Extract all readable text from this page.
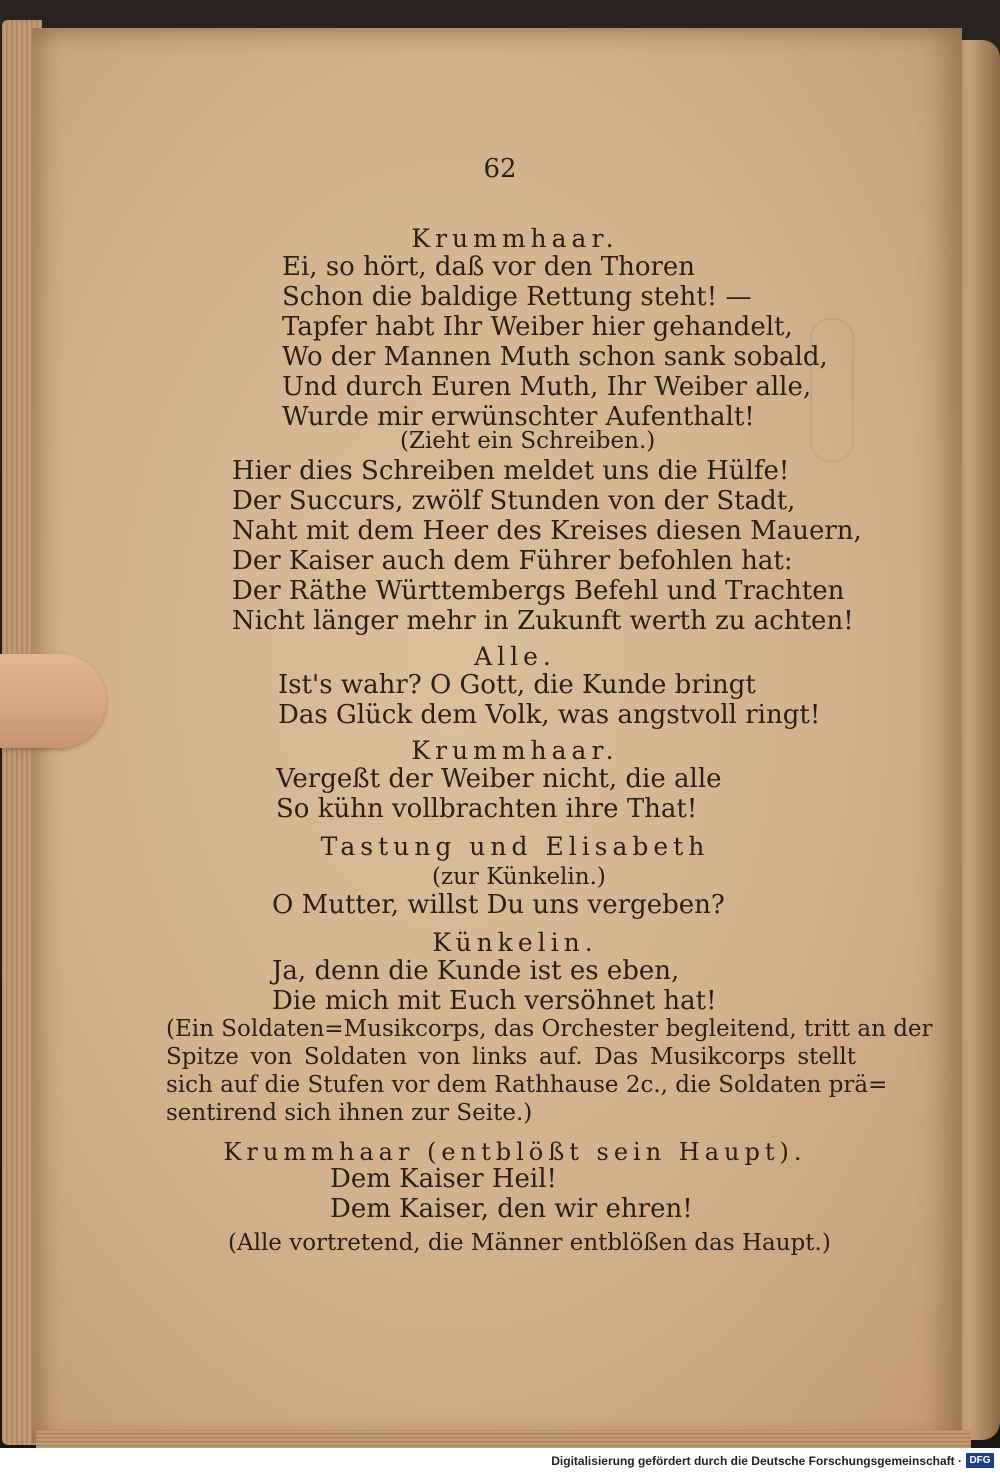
62
Krummhaar.
Ei, so hört, daß vor den Thoren
Schon die baldige Rettung steht! —
Tapfer habt Ihr Weiber hier gehandelt,
Wo der Mannen Muth schon sank sobald,
Und durch Euren Muth, Ihr Weiber alle,
Wurde mir erwünschter Aufenthalt!
(Zieht ein Schreiben.)
Hier dies Schreiben meldet uns die Hülfe!
Der Succurs, zwölf Stunden von der Stadt,
Naht mit dem Heer des Kreises diesen Mauern,
Der Kaiser auch dem Führer befohlen hat:
Der Räthe Württembergs Befehl und Trachten
Nicht länger mehr in Zukunft werth zu achten!
Alle.
Ist's wahr? O Gott, die Kunde bringt
Das Glück dem Volk, was angstvoll ringt!
Krummhaar.
Vergeßt der Weiber nicht, die alle
So kühn vollbrachten ihre That!
Tastung und Elisabeth
(zur Künkelin.)
O Mutter, willst Du uns vergeben?
Künkelin.
Ja, denn die Kunde ist es eben,
Die mich mit Euch versöhnet hat!
(Ein Soldaten=Musikcorps, das Orchester begleitend, tritt an der
Spitze von Soldaten von links auf. Das Musikcorps stellt
sich auf die Stufen vor dem Rathhause 2c., die Soldaten prä=
sentirend sich ihnen zur Seite.)
Krummhaar (entblößt sein Haupt).
Dem Kaiser Heil!
Dem Kaiser, den wir ehren!
(Alle vortretend, die Männer entblößen das Haupt.)
Digitalisierung gefördert durch die Deutsche Forschungsgemeinschaft · DFG
